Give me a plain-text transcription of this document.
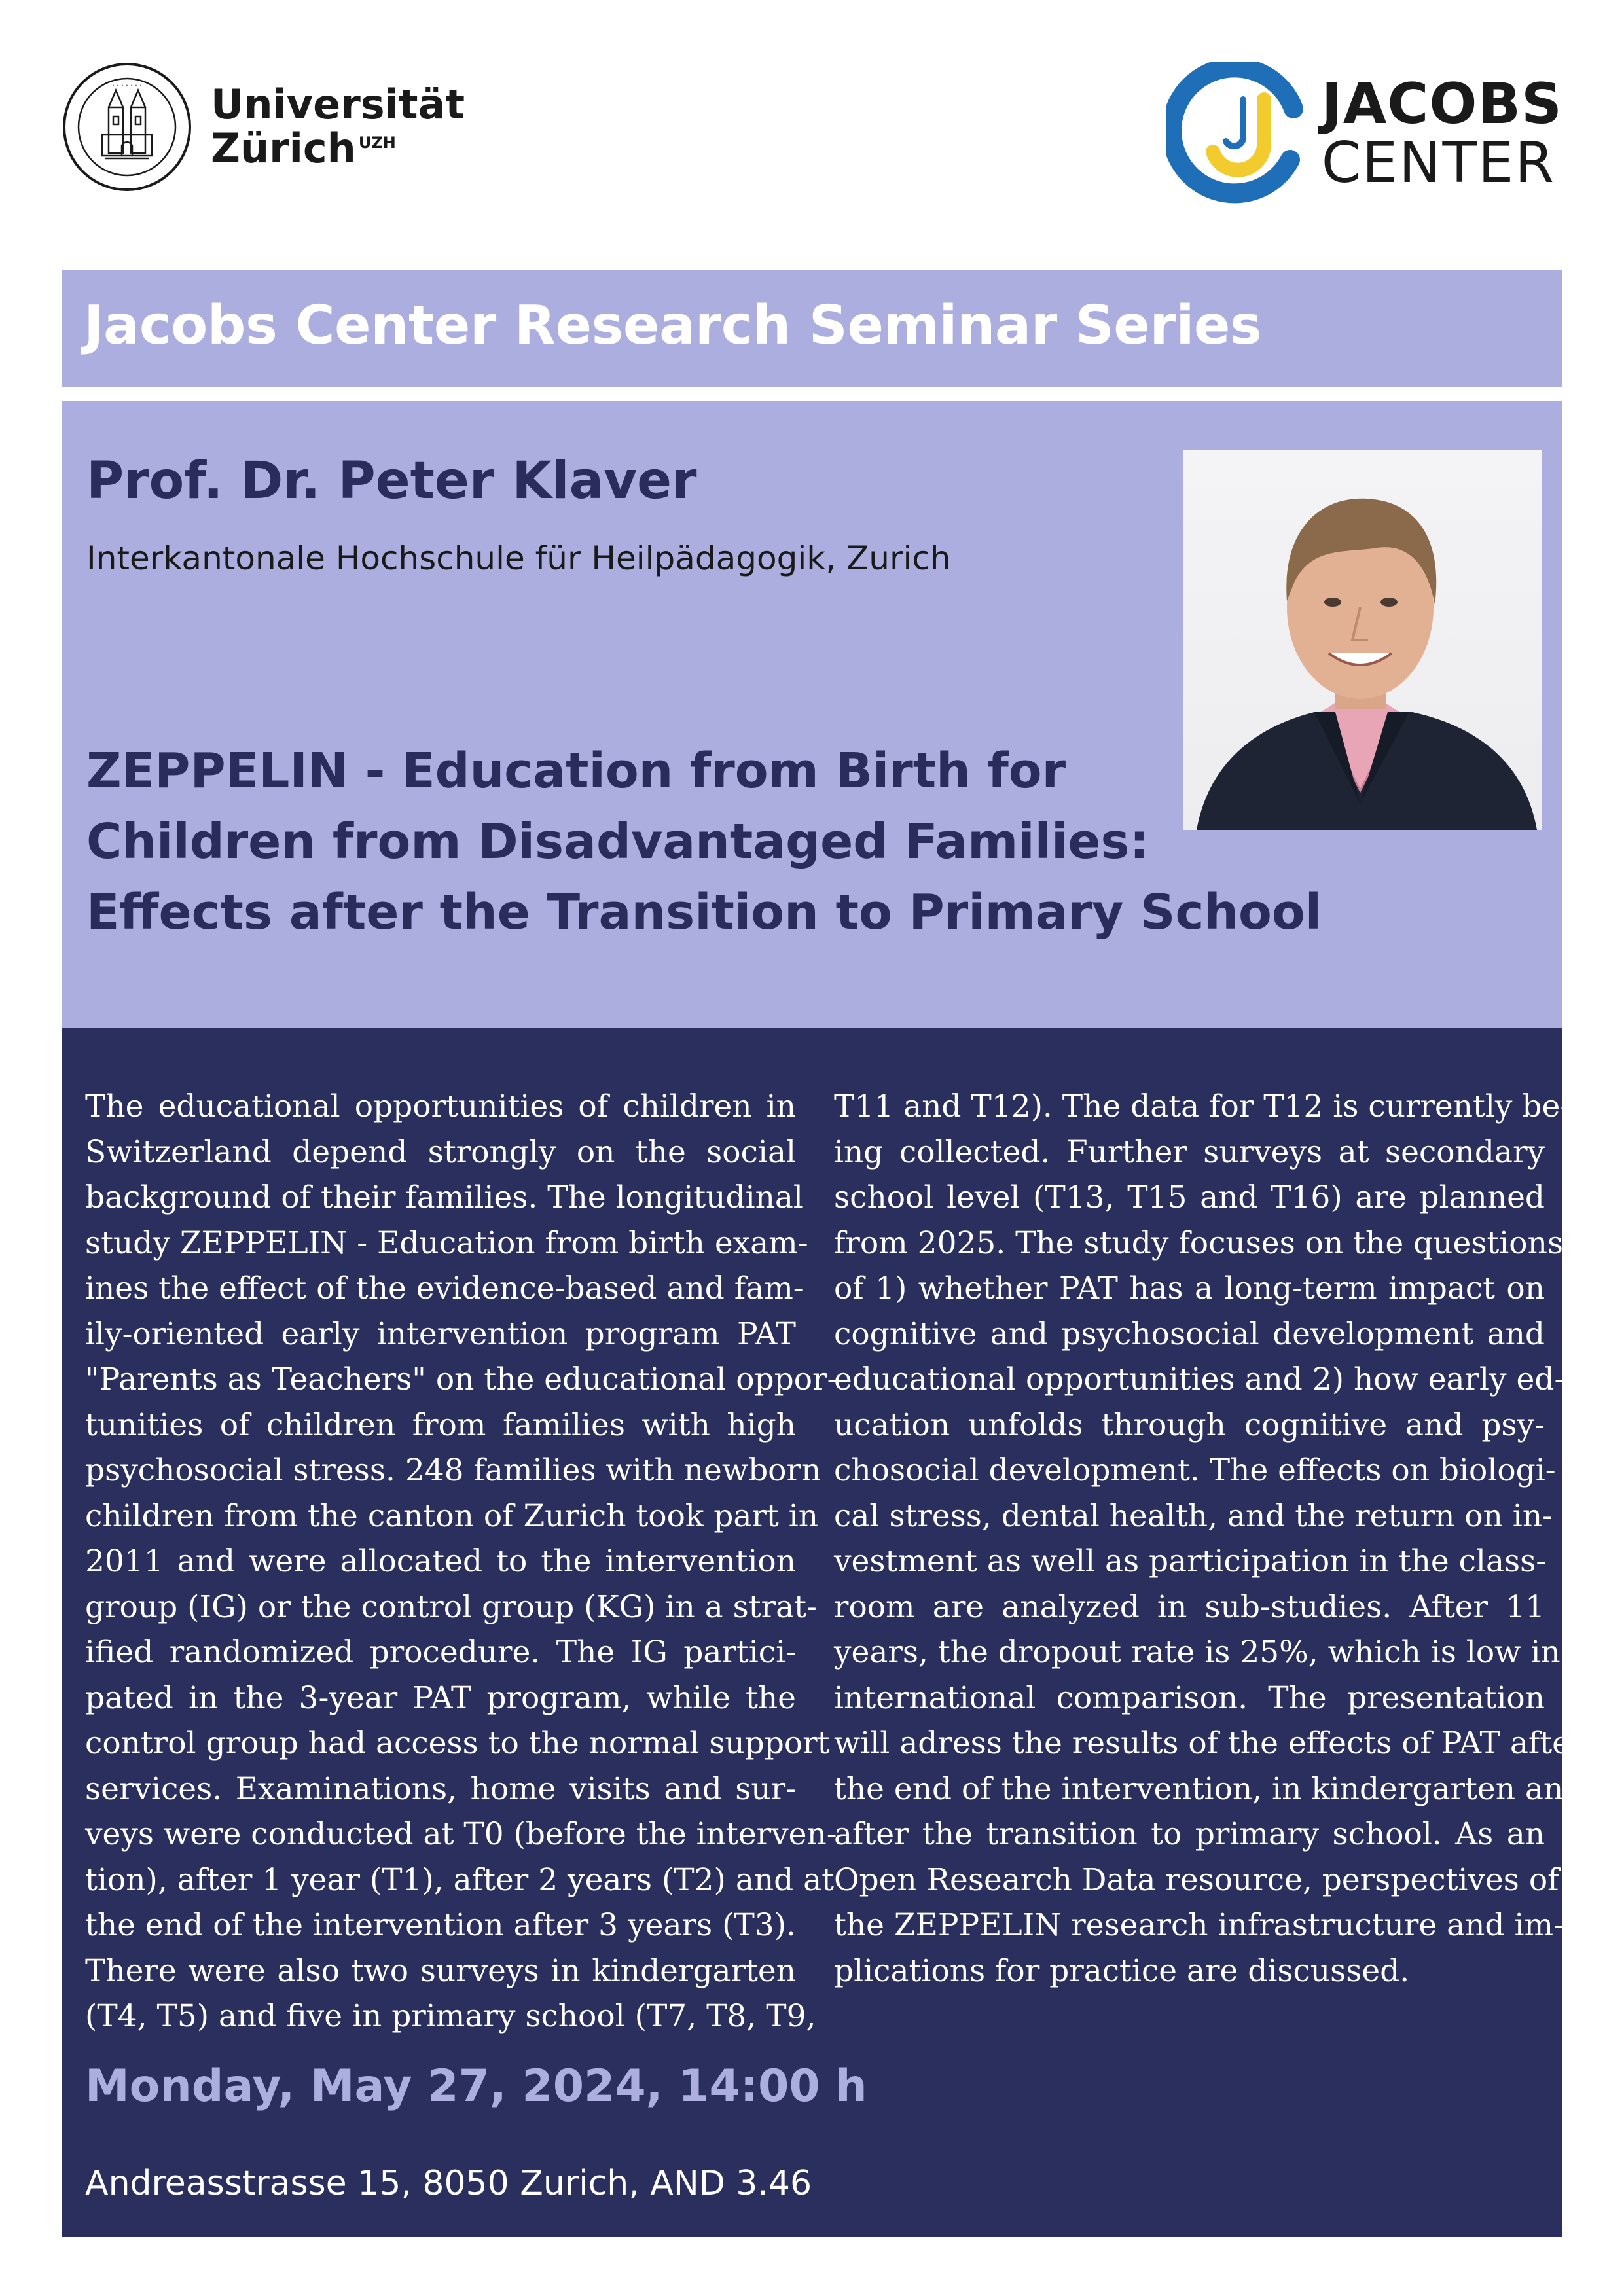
· · · · · · · Universität
Zürich $^{UZH}$
JACOBS
CENTER
Jacobs Center Research Seminar Series
Prof. Dr. Peter Klaver
Interkantonale Hochschule für Heilpädagogik, Zurich
ZEPPELIN - Education from Birth for
Children from Disadvantaged Families:
Effects after the Transition to Primary School
The educational opportunities of children in
Switzerland depend strongly on the social
background of their families. The longitudinal
study ZEPPELIN - Education from birth exam-
ines the effect of the evidence-based and fam-
ily-oriented early intervention program PAT
"Parents as Teachers" on the educational oppor-
tunities of children from families with high
psychosocial stress. 248 families with newborn
children from the canton of Zurich took part in
2011 and were allocated to the intervention
group (IG) or the control group (KG) in a strat-
ified randomized procedure. The IG partici-
pated in the 3-year PAT program, while the
control group had access to the normal support
services. Examinations, home visits and sur-
veys were conducted at T0 (before the interven-
tion), after 1 year (T1), after 2 years (T2) and at
the end of the intervention after 3 years (T3).
There were also two surveys in kindergarten
(T4, T5) and five in primary school (T7, T8, T9,
T11 and T12). The data for T12 is currently be-
ing collected. Further surveys at secondary
school level (T13, T15 and T16) are planned
from 2025. The study focuses on the questions
of 1) whether PAT has a long-term impact on
cognitive and psychosocial development and
educational opportunities and 2) how early ed-
ucation unfolds through cognitive and psy-
chosocial development. The effects on biologi-
cal stress, dental health, and the return on in-
vestment as well as participation in the class-
room are analyzed in sub-studies. After 11
years, the dropout rate is 25%, which is low in
international comparison. The presentation
will adress the results of the effects of PAT after
the end of the intervention, in kindergarten and
after the transition to primary school. As an
Open Research Data resource, perspectives of
the ZEPPELIN research infrastructure and im-
plications for practice are discussed.
Monday, May 27, 2024, 14:00 h
Andreasstrasse 15, 8050 Zurich, AND 3.46
